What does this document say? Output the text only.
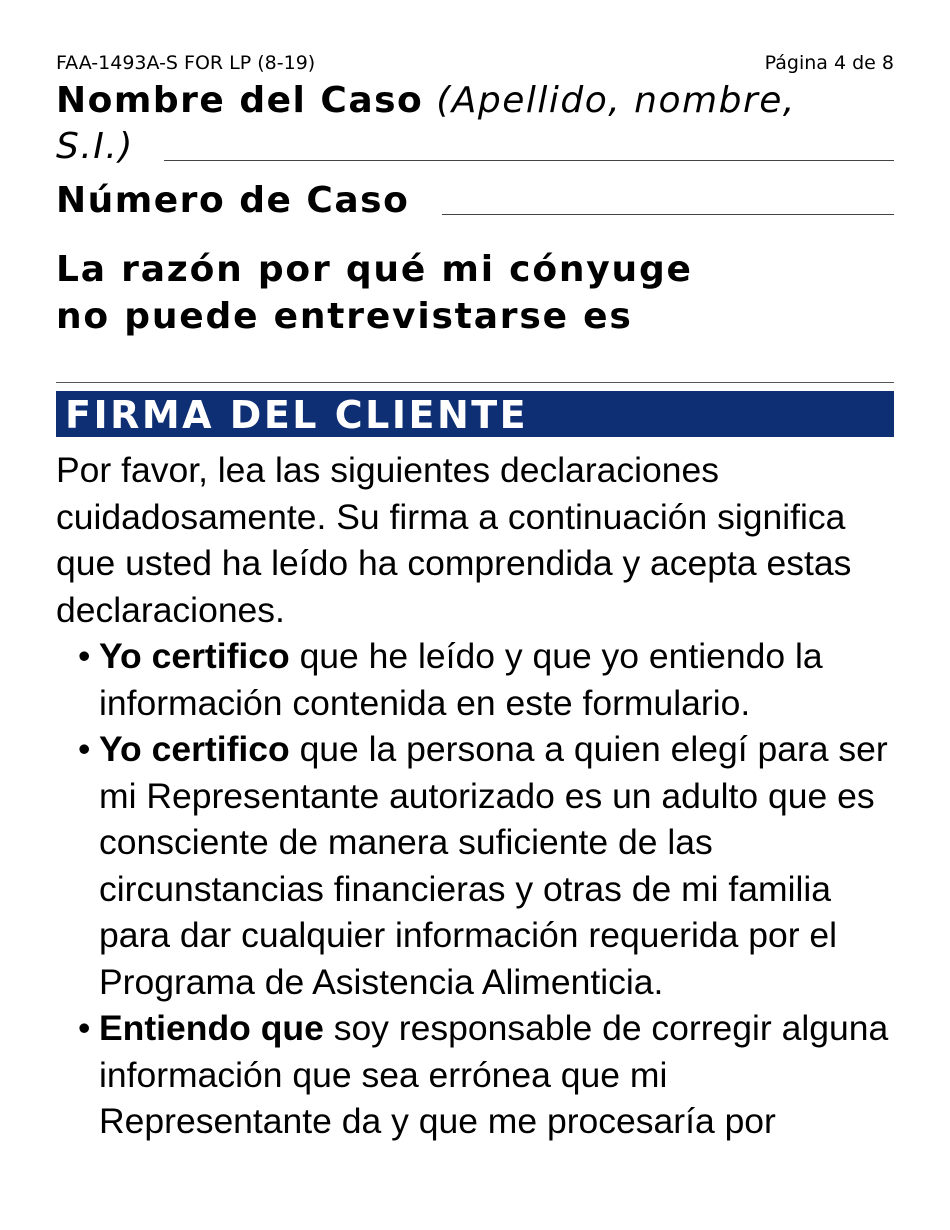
FAA-1493A-S FOR LP (8-19)	Página 4 de 8
Nombre del Caso (Apellido, nombre,
S.I.)
Número de Caso
La razón por qué mi cónyuge
no puede entrevistarse es
FIRMA DEL CLIENTE

Por favor, lea las siguientes declaraciones cuidadosamente. Su firma a continuación significa que usted ha leído ha comprendida y acepta estas declaraciones.

• Yo certifico que he leído y que yo entiendo la información contenida en este formulario.
• Yo certifico que la persona a quien elegí para ser mi Representante autorizado es un adulto que es consciente de manera suficiente de las circunstancias financieras y otras de mi familia para dar cualquier información requerida por el Programa de Asistencia Alimenticia.
• Entiendo que soy responsable de corregir alguna información que sea errónea que mi Representante da y que me procesaría por
